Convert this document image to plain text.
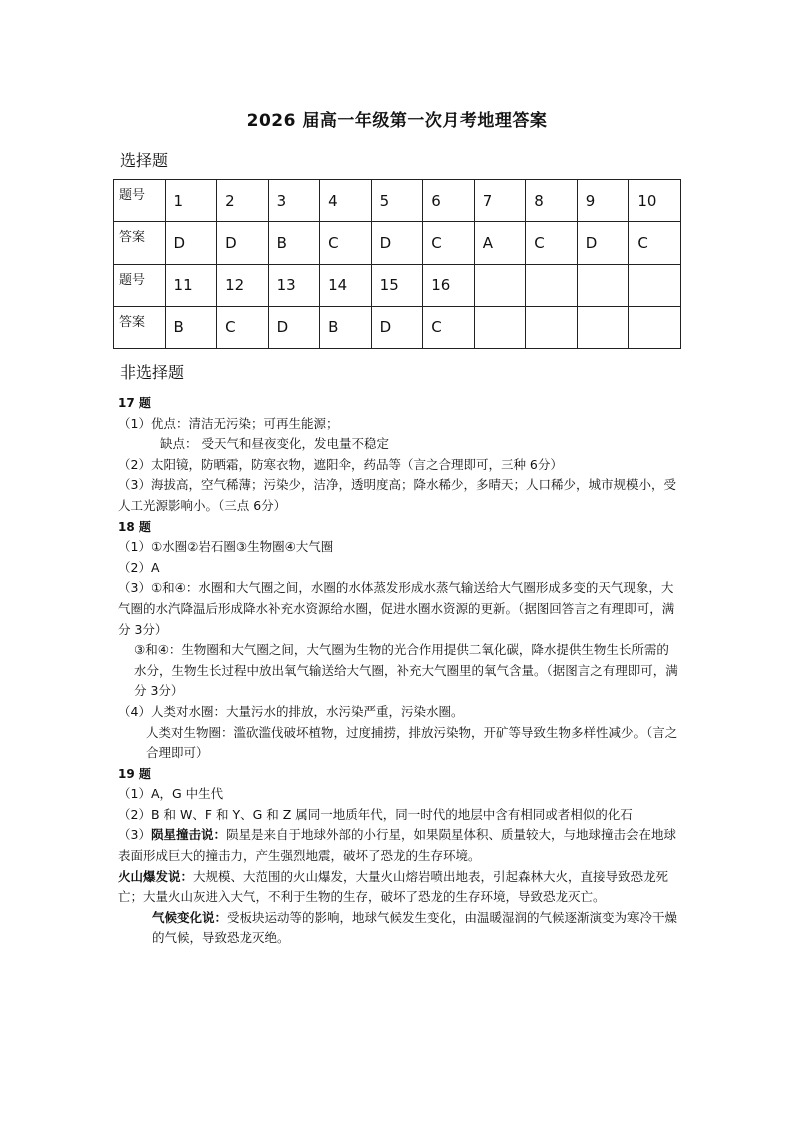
2026 届高一年级第一次月考地理答案
选择题
题号	1	2	3	4	5	6	7	8	9	10
答案	D	D	B	C	D	C	A	C	D	C
题号	11	12	13	14	15	16				
答案	B	C	D	B	D	C				
非选择题

17 题

（1）优点：清洁无污染；可再生能源；

缺点： 受天气和昼夜变化，发电量不稳定

（2）太阳镜，防晒霜，防寒衣物，遮阳伞，药品等（言之合理即可，三种 6分）

（3）海拔高，空气稀薄；污染少，洁净，透明度高；降水稀少，多晴天；人口稀少，城市规模小，受人工光源影响小。（三点 6分）

18 题

（1）①水圈②岩石圈③生物圈④大气圈

（2）A

（3）①和④：水圈和大气圈之间，水圈的水体蒸发形成水蒸气输送给大气圈形成多变的天气现象，大气圈的水汽降温后形成降水补充水资源给水圈，促进水圈水资源的更新。（据图回答言之有理即可，满分 3分）

③和④：生物圈和大气圈之间，大气圈为生物的光合作用提供二氧化碳，降水提供生物生长所需的水分，生物生长过程中放出氧气输送给大气圈，补充大气圈里的氧气含量。（据图言之有理即可，满分 3分）

（4）人类对水圈：大量污水的排放，水污染严重，污染水圈。

人类对生物圈：滥砍滥伐破坏植物，过度捕捞，排放污染物，开矿等导致生物多样性减少。（言之合理即可）

19 题

（1）A，G 中生代

（2）B 和 W、F 和 Y、G 和 Z 属同一地质年代，同一时代的地层中含有相同或者相似的化石

（3）陨星撞击说：陨星是来自于地球外部的小行星，如果陨星体积、质量较大，与地球撞击会在地球表面形成巨大的撞击力，产生强烈地震，破坏了恐龙的生存环境。

火山爆发说：大规模、大范围的火山爆发，大量火山熔岩喷出地表，引起森林大火，直接导致恐龙死亡；大量火山灰进入大气，不利于生物的生存，破坏了恐龙的生存环境，导致恐龙灭亡。

气候变化说：受板块运动等的影响，地球气候发生变化，由温暖湿润的气候逐渐演变为寒冷干燥的气候，导致恐龙灭绝。
